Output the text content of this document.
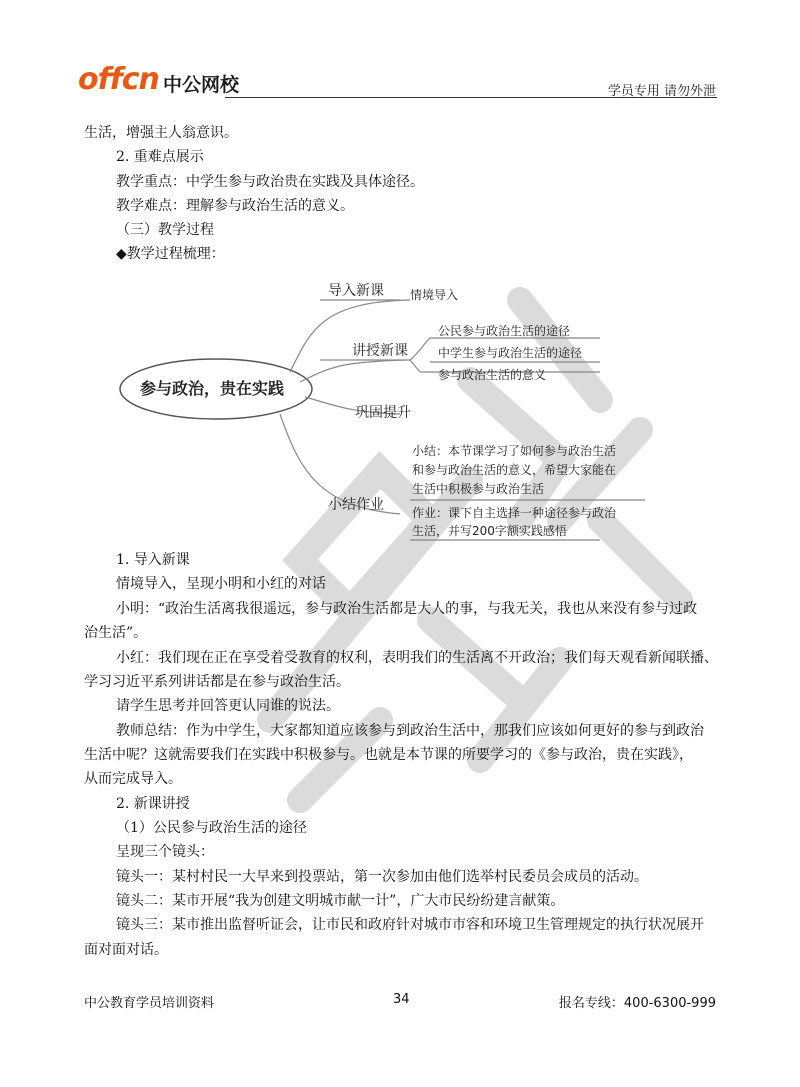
offcn 中公网校	学员专用 请勿外泄
生活，增强主人翁意识。
2. 重难点展示
教学重点：中学生参与政治贵在实践及具体途径。
教学难点：理解参与政治生活的意义。
（三）教学过程
◆教学过程梳理：
参与政治，贵在实践
导入新课 情境导入
讲授新课
公民参与政治生活的途径
中学生参与政治生活的途径
参与政治生活的意义
巩固提升
小结作业
小结：本节课学习了如何参与政治生活
和参与政治生活的意义，希望大家能在
生活中积极参与政治生活
作业：课下自主选择一种途径参与政治
生活，并写200字额实践感悟
1. 导入新课
情境导入，呈现小明和小红的对话
小明：“政治生活离我很遥远，参与政治生活都是大人的事，与我无关，我也从来没有参与过政
治生活”。
小红：我们现在正在享受着受教育的权利，表明我们的生活离不开政治；我们每天观看新闻联播、
学习习近平系列讲话都是在参与政治生活。
请学生思考并回答更认同谁的说法。
教师总结：作为中学生，大家都知道应该参与到政治生活中，那我们应该如何更好的参与到政治
生活中呢？这就需要我们在实践中积极参与。也就是本节课的所要学习的《参与政治，贵在实践》，
从而完成导入。
2. 新课讲授
（1）公民参与政治生活的途径
呈现三个镜头：
镜头一：某村村民一大早来到投票站，第一次参加由他们选举村民委员会成员的活动。
镜头二：某市开展“我为创建文明城市献一计”，广大市民纷纷建言献策。
镜头三：某市推出监督听证会，让市民和政府针对城市市容和环境卫生管理规定的执行状况展开
面对面对话。
中公教育学员培训资料	34	报名专线：400-6300-999
